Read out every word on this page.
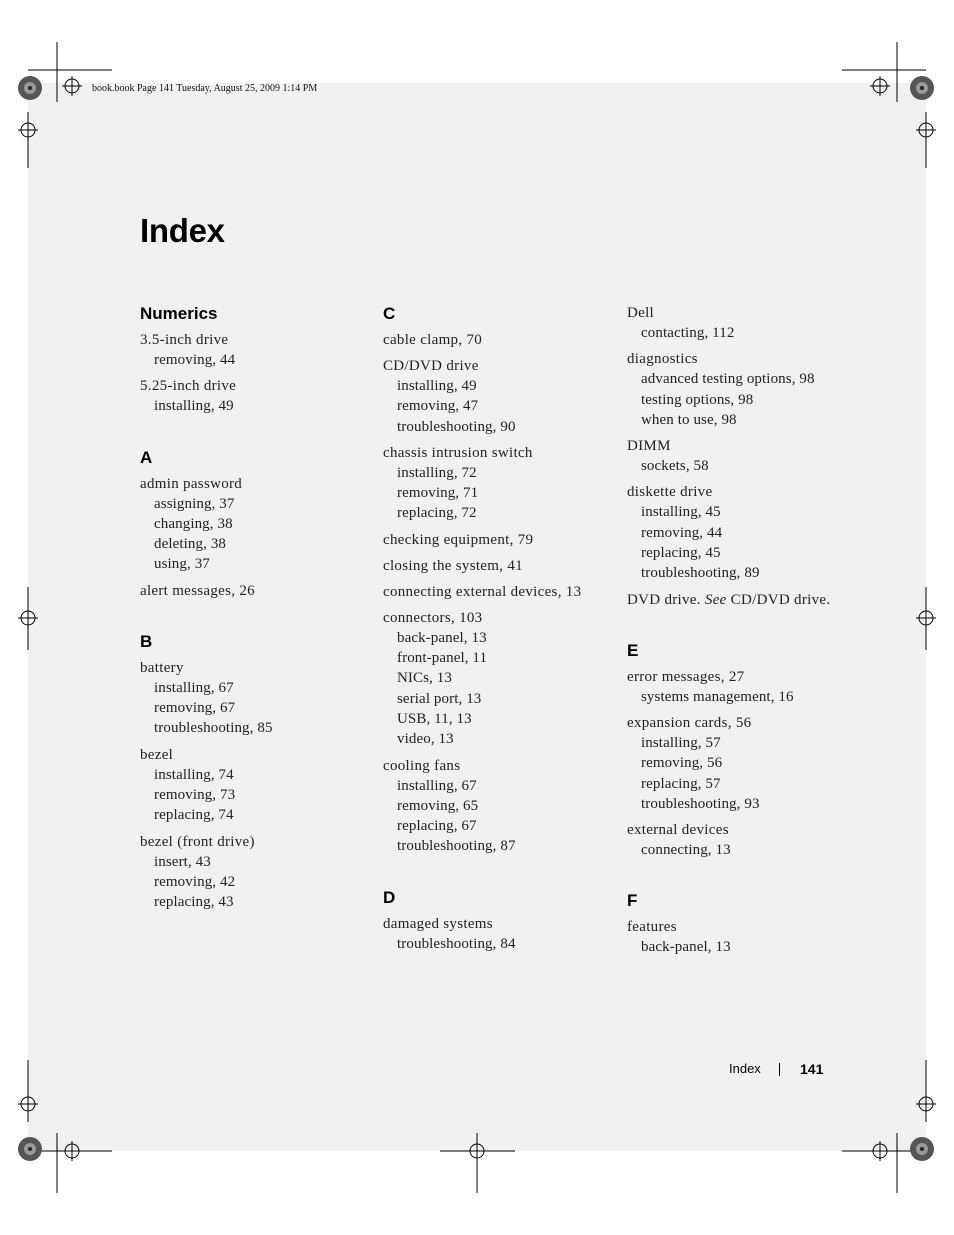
book.book Page 141 Tuesday, August 25, 2009 1:14 PM
Index
Numerics
3.5-inch drive
removing, 44
5.25-inch drive
installing, 49
A
admin password
assigning, 37
changing, 38
deleting, 38
using, 37
alert messages, 26
B
battery
installing, 67
removing, 67
troubleshooting, 85
bezel
installing, 74
removing, 73
replacing, 74
bezel (front drive)
insert, 43
removing, 42
replacing, 43
C
cable clamp, 70
CD/DVD drive
installing, 49
removing, 47
troubleshooting, 90
chassis intrusion switch
installing, 72
removing, 71
replacing, 72
checking equipment, 79
closing the system, 41
connecting external devices, 13
connectors, 103
back-panel, 13
front-panel, 11
NICs, 13
serial port, 13
USB, 11, 13
video, 13
cooling fans
installing, 67
removing, 65
replacing, 67
troubleshooting, 87
D
damaged systems
troubleshooting, 84
Dell
contacting, 112
diagnostics
advanced testing options, 98
testing options, 98
when to use, 98
DIMM
sockets, 58
diskette drive
installing, 45
removing, 44
replacing, 45
troubleshooting, 89
DVD drive. See CD/DVD drive.
E
error messages, 27
systems management, 16
expansion cards, 56
installing, 57
removing, 56
replacing, 57
troubleshooting, 93
external devices
connecting, 13
F
features
back-panel, 13
Index	141
